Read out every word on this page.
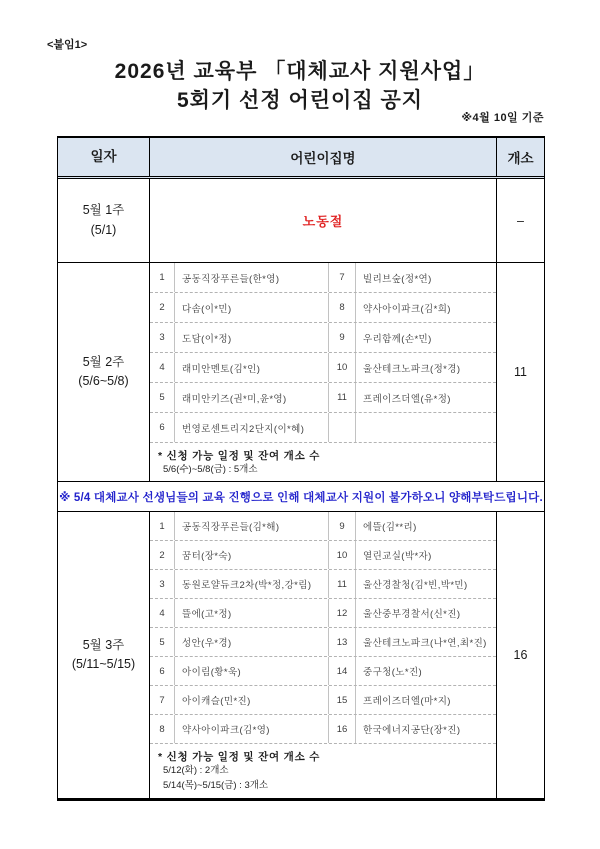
<붙임1>
2026년 교육부 「대체교사 지원사업」
5회기 선정 어린이집 공지
※4월 10일 기준
일자	어린이집명	개소
5월 1주
(5/1)
노동절	–
5월 2주
(5/6~5/8)
1	공동직장푸른들(한*영)	7	빌리브숲(정*연)
2	다솜(이*민)	8	약사아이파크(김*희)
3	도담(이*정)	9	우리함께(손*민)
4	래미안멘토(김*인)	10	울산테크노파크(정*경)
5	래미안키즈(권*미,윤*영)	11	프레이즈더엘(유*정)
6	번영로센트리지2단지(이*혜)
* 신청 가능 일정 및 잔여 개소 수
5/6(수)~5/8(금) : 5개소
11
※ 5/4 대체교사 선생님들의 교육 진행으로 인해 대체교사 지원이 불가하오니 양해부탁드립니다.
5월 3주
(5/11~5/15)
1	공동직장푸른들(김*해)	9	에뜰(김**리)
2	꿈터(장*숙)	10	열린교실(박*자)
3	동원로얄듀크2차(박*정,강*림)	11	울산경찰청(김*빈,박*민)
4	뜰에(고*정)	12	울산중부경찰서(신*진)
5	성안(우*경)	13	울산테크노파크(나*연,최*진)
6	아이림(황*욱)	14	중구청(노*진)
7	아이캐슬(민*진)	15	프레이즈더엘(마*지)
8	약사아이파크(김*영)	16	한국에너지공단(장*진)
* 신청 가능 일정 및 잔여 개소 수
5/12(화) : 2개소
5/14(목)~5/15(금) : 3개소
16
